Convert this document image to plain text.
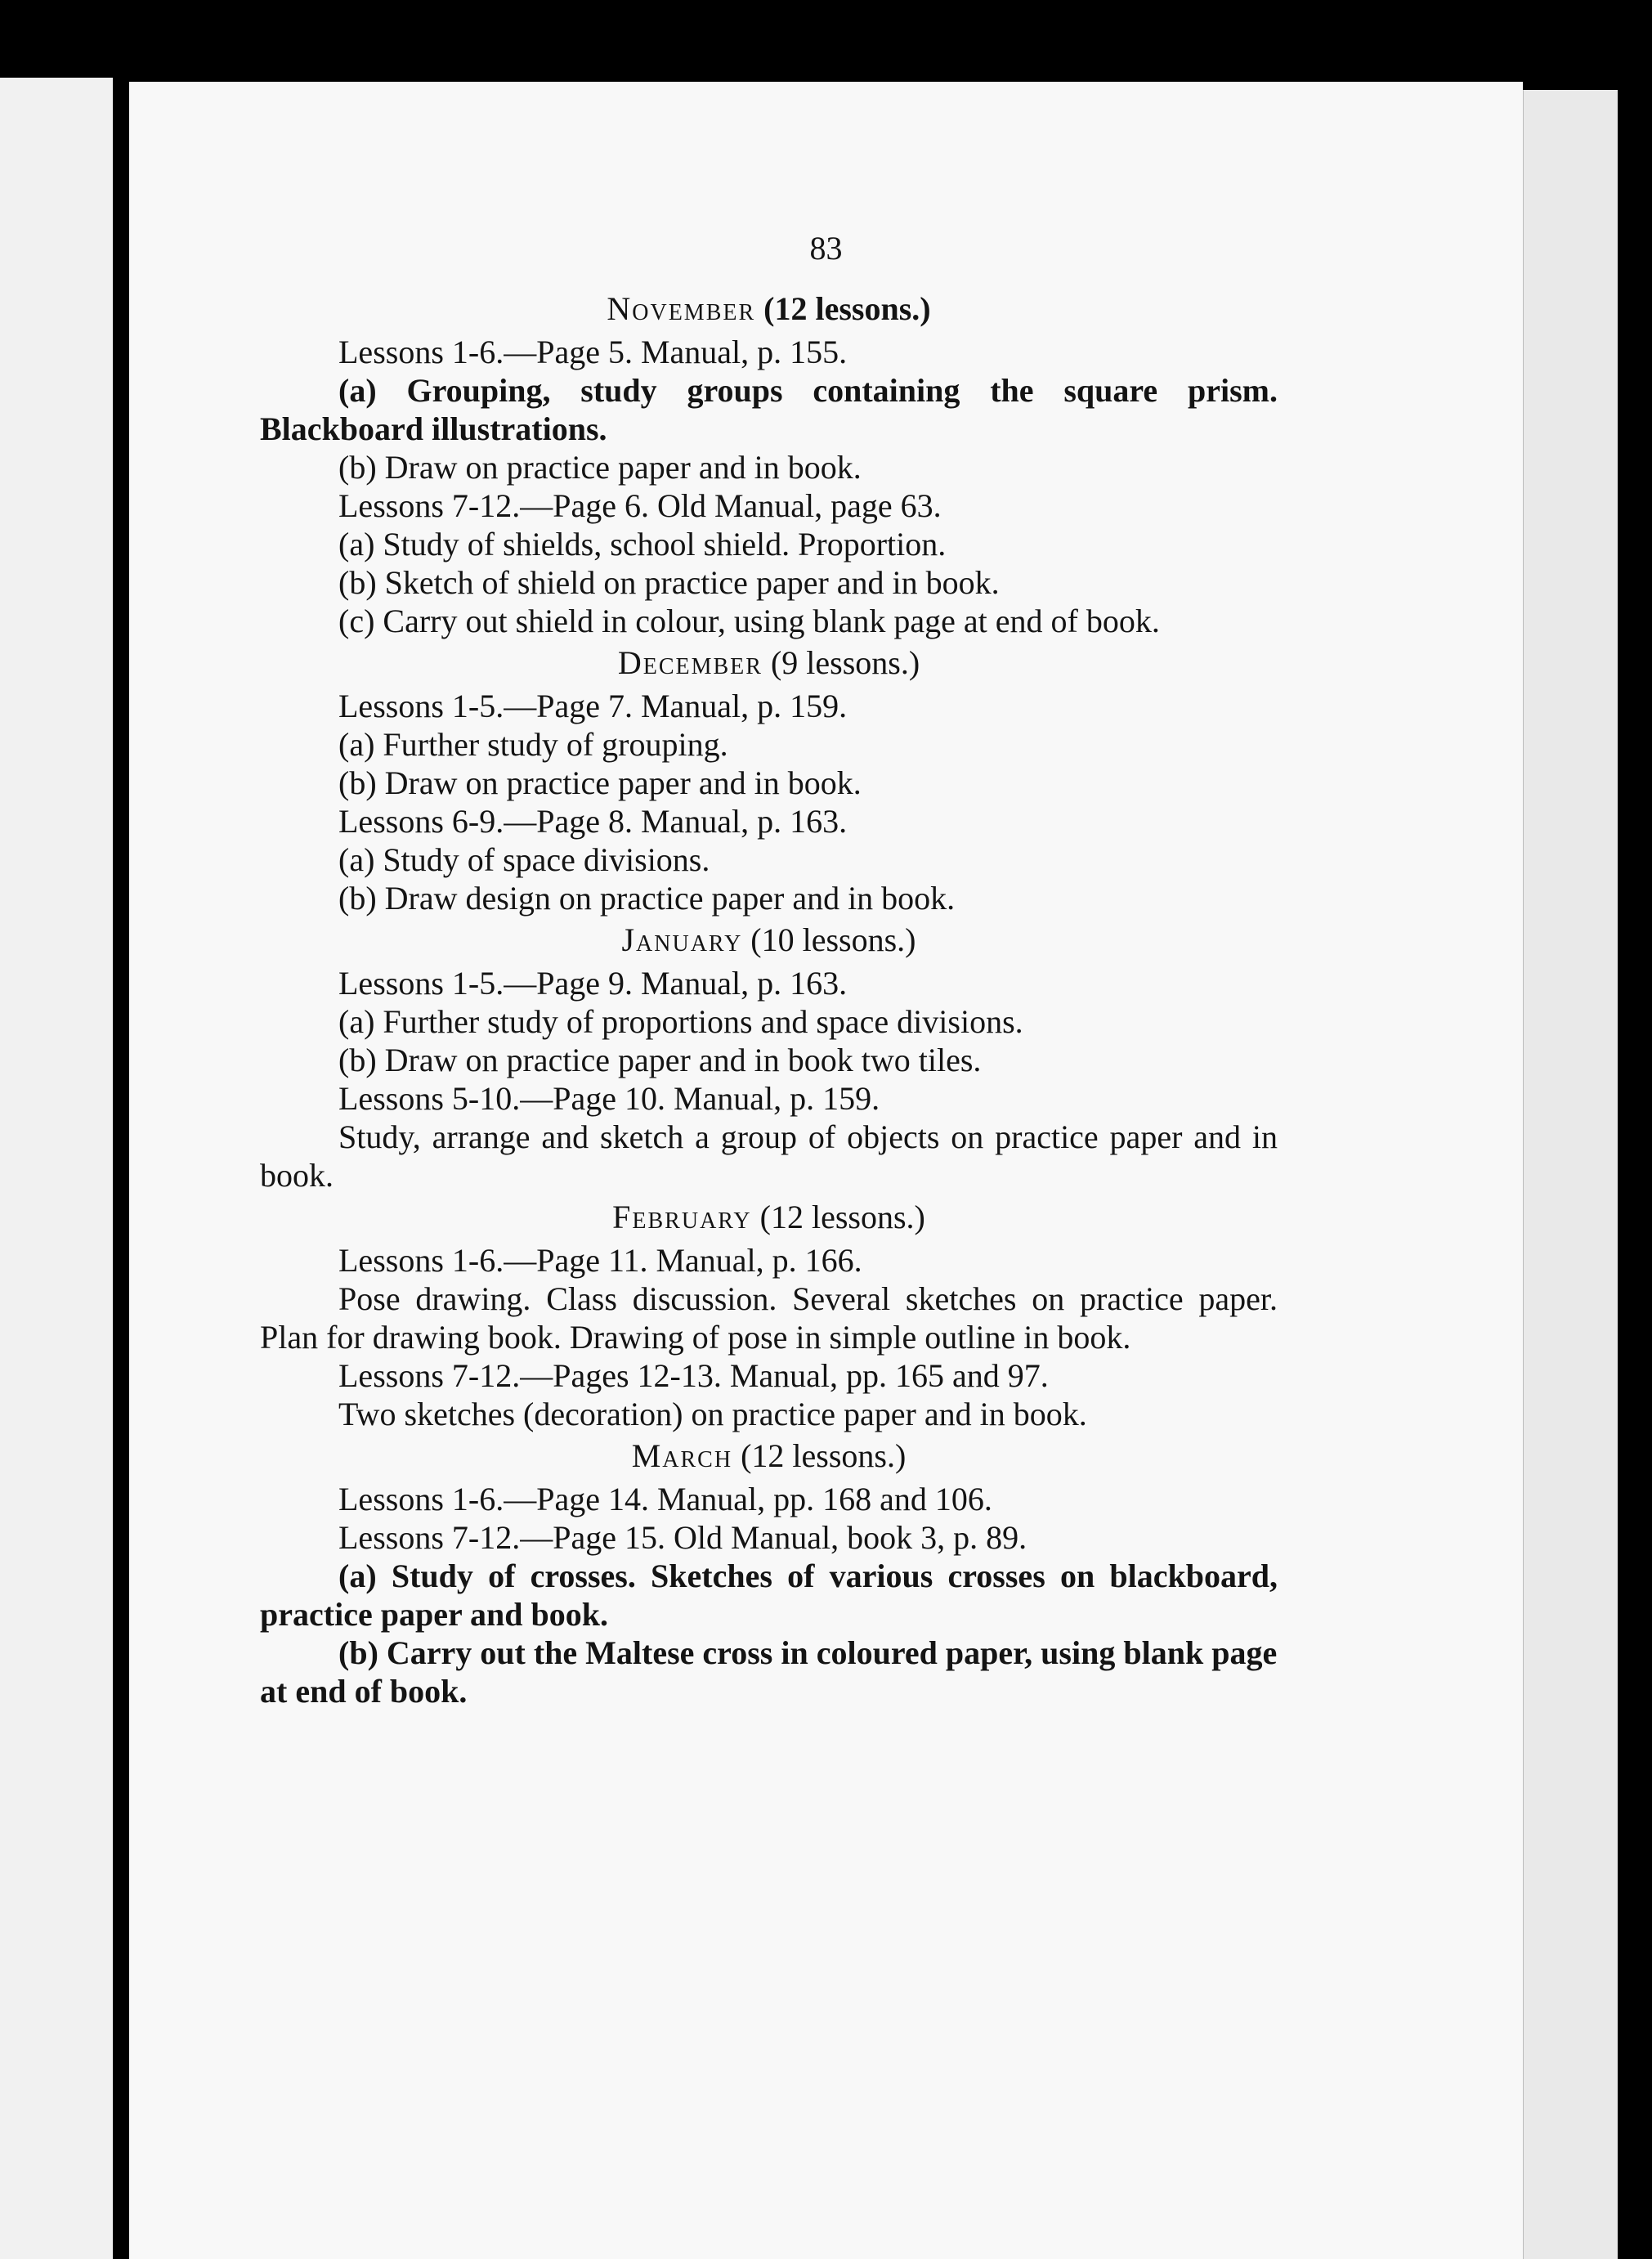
83
November (12 lessons.)
Lessons 1-6.—Page 5. Manual, p. 155.
(a) Grouping, study groups containing the square prism. Blackboard illustrations.
(b) Draw on practice paper and in book.
Lessons 7-12.—Page 6. Old Manual, page 63.
(a) Study of shields, school shield. Proportion.
(b) Sketch of shield on practice paper and in book.
(c) Carry out shield in colour, using blank page at end of book.
December (9 lessons.)
Lessons 1-5.—Page 7. Manual, p. 159.
(a) Further study of grouping.
(b) Draw on practice paper and in book.
Lessons 6-9.—Page 8. Manual, p. 163.
(a) Study of space divisions.
(b) Draw design on practice paper and in book.
January (10 lessons.)
Lessons 1-5.—Page 9. Manual, p. 163.
(a) Further study of proportions and space divisions.
(b) Draw on practice paper and in book two tiles.
Lessons 5-10.—Page 10. Manual, p. 159.
Study, arrange and sketch a group of objects on practice paper and in book.
February (12 lessons.)
Lessons 1-6.—Page 11. Manual, p. 166.
Pose drawing. Class discussion. Several sketches on practice paper. Plan for drawing book. Drawing of pose in simple outline in book.
Lessons 7-12.—Pages 12-13. Manual, pp. 165 and 97.
Two sketches (decoration) on practice paper and in book.
March (12 lessons.)
Lessons 1-6.—Page 14. Manual, pp. 168 and 106.
Lessons 7-12.—Page 15. Old Manual, book 3, p. 89.
(a) Study of crosses. Sketches of various crosses on blackboard, practice paper and book.
(b) Carry out the Maltese cross in coloured paper, using blank page at end of book.
